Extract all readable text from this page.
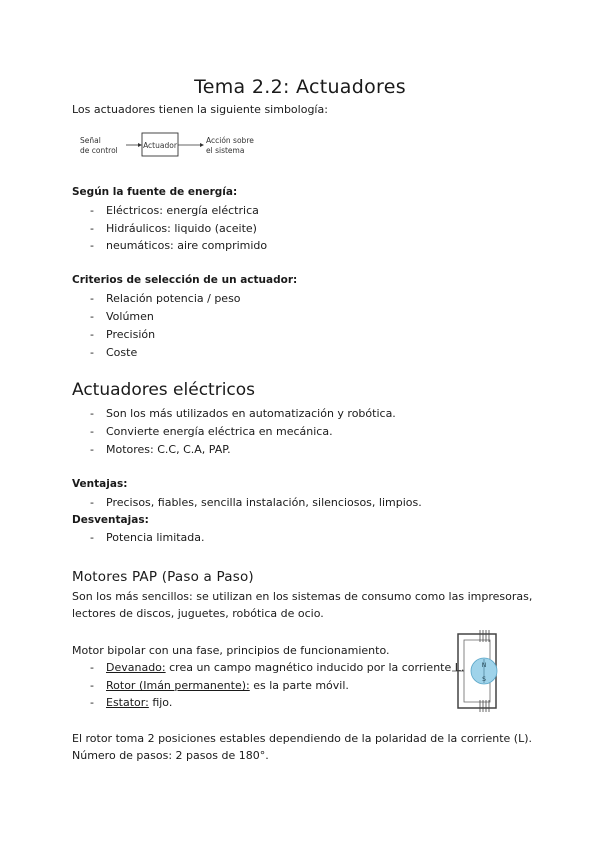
Tema 2.2: Actuadores
Los actuadores tienen la siguiente simbología:
Señal
de control
Actuador
Acción sobre
el sistema
Según la fuente de energía:
- Eléctricos: energía eléctrica
- Hidráulicos: liquido (aceite)
- neumáticos: aire comprimido
Criterios de selección de un actuador:
- Relación potencia / peso
- Volúmen
- Precisión
- Coste
Actuadores eléctricos
- Son los más utilizados en automatización y robótica.
- Convierte energía eléctrica en mecánica.
- Motores: C.C, C.A, PAP.
Ventajas:
- Precisos, fiables, sencilla instalación, silenciosos, limpios.
Desventajas:
- Potencia limitada.
Motores PAP (Paso a Paso)
Son los más sencillos: se utilizan en los sistemas de consumo como las impresoras,
lectores de discos, juguetes, robótica de ocio.
Motor bipolar con una fase, principios de funcionamiento.
- Devanado: crea un campo magnético inducido por la corriente L.
- Rotor (Imán permanente): es la parte móvil.
- Estator: fijo.
N
S
El rotor toma 2 posiciones estables dependiendo de la polaridad de la corriente (L).
Número de pasos: 2 pasos de 180°.
